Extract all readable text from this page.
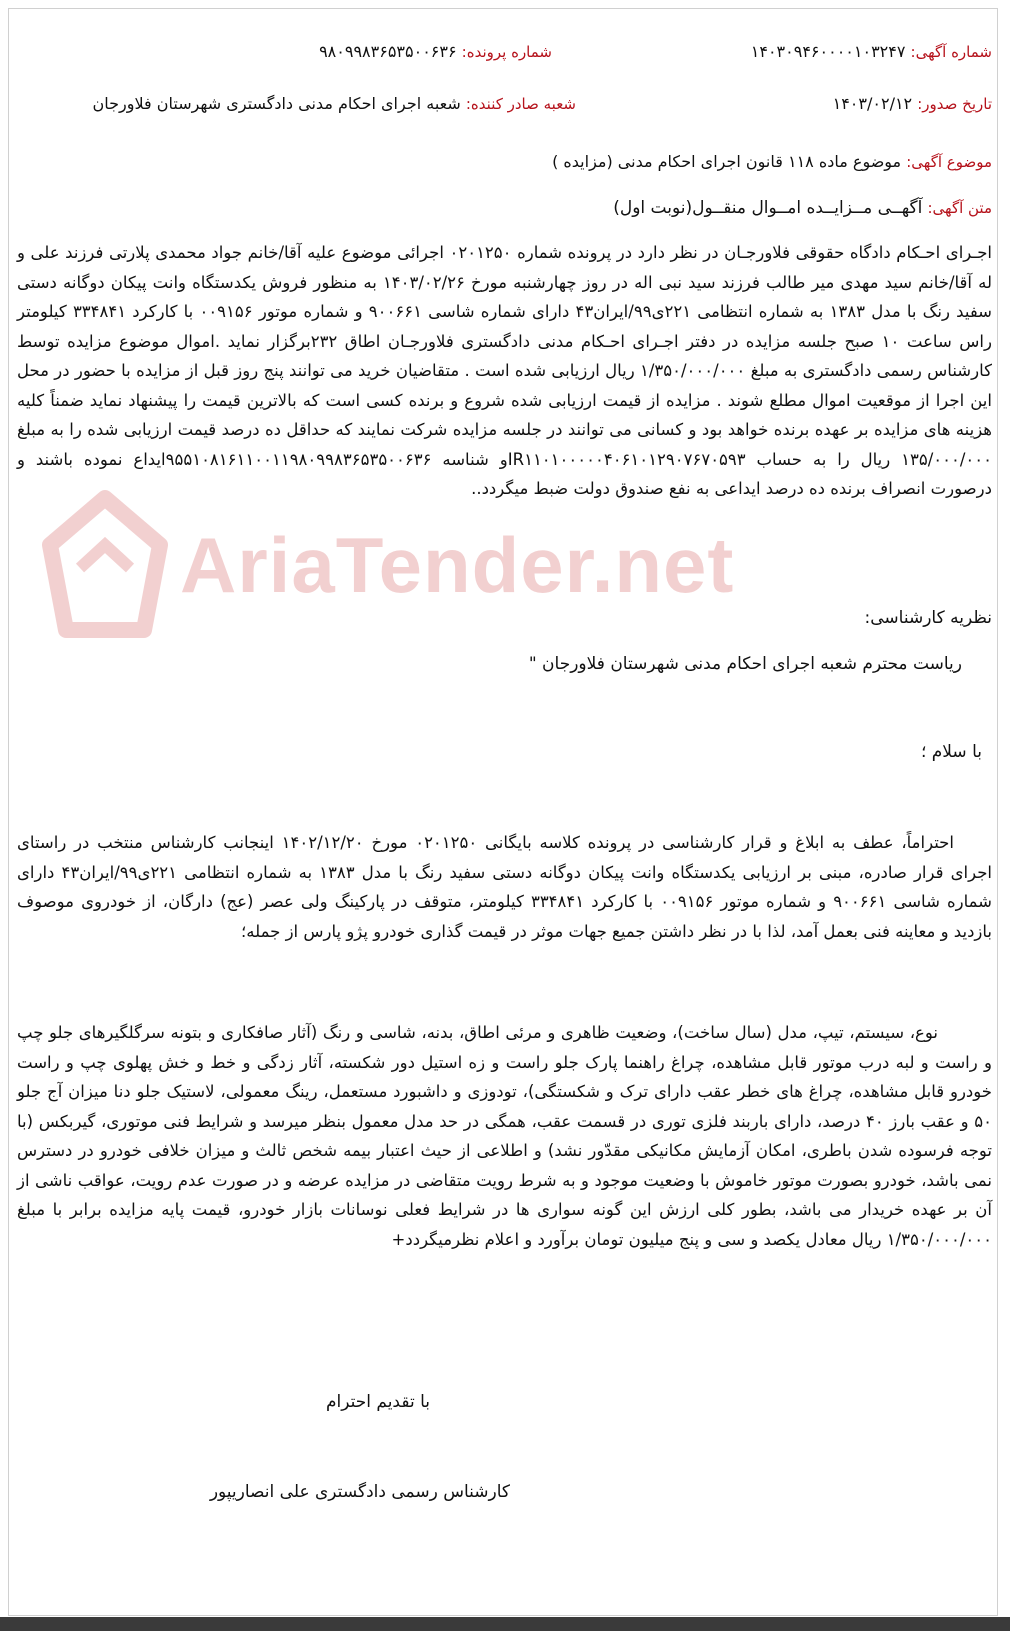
AriaTender.net
شماره آگهی: ۱۴۰۳۰۹۴۶۰۰۰۰۱۰۳۲۴۷
شماره پرونده: ۹۸۰۹۹۸۳۶۵۳۵۰۰۶۳۶
تاریخ صدور: ۱۴۰۳/۰۲/۱۲
شعبه صادر کننده: شعبه اجرای احکام مدنی دادگستری شهرستان فلاورجان
موضوع آگهی: موضوع ماده ۱۱۸ قانون اجرای احکام مدنی (مزایده )
متن آگهی: آگهــی مــزایــده امــوال منقــول(نوبت اول)

اجـرای احـکام دادگاه حقوقی فلاورجـان در نظر دارد در پرونده شماره ۰۲۰۱۲۵۰ اجرائی موضوع علیه آقا/خانم جواد محمدی پلارتی فرزند علی و له آقا/خانم سید مهدی میر طالب فرزند سید نبی اله در روز چهارشنبه مورخ ۱۴۰۳/۰۲/۲۶ به منظور فروش یکدستگاه وانت پیکان دوگانه دستی سفید رنگ با مدل ۱۳۸۳ به شماره انتظامی ۲۲۱ی۹۹/ایران۴۳ دارای شماره شاسی ۹۰۰۶۶۱ و شماره موتور ۰۰۹۱۵۶ با کارکرد ۳۳۴۸۴۱ کیلومتر راس ساعت ۱۰ صبح جلسه مزایده در دفتر اجـرای احـکام مدنی دادگستری فلاورجـان اطاق ۲۳۲برگزار نماید .اموال موضوع مزایده توسط کارشناس رسمی دادگستری به مبلغ ۱/۳۵۰/۰۰۰/۰۰۰ ریال ارزیابی شده است . متقاضیان خرید می توانند پنج روز قبل از مزایده با حضور در محل این اجرا از موقعیت اموال مطلع شوند . مزایده از قیمت ارزیابی شده شروع و برنده کسی است که بالاترین قیمت را پیشنهاد نماید ضمناً کلیه هزینه های مزایده بر عهده برنده خواهد بود و کسانی می توانند در جلسه مزایده شرکت نمایند که حداقل ده درصد قیمت ارزیابی شده را به مبلغ ۱۳۵/۰۰۰/۰۰۰ ریال را به حساب IR۱۱۰۱۰۰۰۰۰۴۰۶۱۰۱۲۹۰۷۶۷۰۵۹۳و شناسه ۹۵۵۱۰۸۱۶۱۱۰۰۱۱۹۸۰۹۹۸۳۶۵۳۵۰۰۶۳۶ایداع نموده باشند و درصورت انصراف برنده ده درصد ایداعی به نفع صندوق دولت ضبط میگردد..

نظریه کارشناسی:
ریاست محترم شعبه اجرای احکام مدنی شهرستان فلاورجان "
با سلام ؛

احتراماً، عطف به ابلاغ و قرار کارشناسی در پرونده کلاسه بایگانی ۰۲۰۱۲۵۰ مورخ ۱۴۰۲/۱۲/۲۰ اینجانب کارشناس منتخب در راستای اجرای قرار صادره، مبنی بر ارزیابی یکدستگاه وانت پیکان دوگانه دستی سفید رنگ با مدل ۱۳۸۳ به شماره انتظامی ۲۲۱ی۹۹/ایران۴۳ دارای شماره شاسی ۹۰۰۶۶۱ و شماره موتور ۰۰۹۱۵۶ با کارکرد ۳۳۴۸۴۱ کیلومتر، متوقف در پارکینگ ولی عصر (عج) دارگان، از خودروی موصوف بازدید و معاینه فنی بعمل آمد، لذا با در نظر داشتن جمیع جهات موثر در قیمت گذاری خودرو پژو پارس از جمله؛

نوع، سیستم، تیپ، مدل (سال ساخت)، وضعیت ظاهری و مرئی اطاق، بدنه، شاسی و رنگ (آثار صافکاری و بتونه سرگلگیرهای جلو چپ و راست و لبه درب موتور قابل مشاهده، چراغ راهنما پارک جلو راست و زه استیل دور شکسته، آثار زدگی و خط و خش پهلوی چپ و راست خودرو قابل مشاهده، چراغ های خطر عقب دارای ترک و شکستگی)، تودوزی و داشبورد مستعمل، رینگ معمولی، لاستیک جلو دنا میزان آج جلو ۵۰ و عقب بارز ۴۰ درصد، دارای باربند فلزی توری در قسمت عقب، همگی در حد مدل معمول بنظر میرسد و شرایط فنی موتوری، گیربکس (با توجه فرسوده شدن باطری، امکان آزمایش مکانیکی مقدّور نشد) و اطلاعی از حیث اعتبار بیمه شخص ثالث و میزان خلافی خودرو در دسترس نمی باشد، خودرو بصورت موتور خاموش با وضعیت موجود و به شرط رویت متقاضی در مزایده عرضه و در صورت عدم رویت، عواقب ناشی از آن بر عهده خریدار می باشد، بطور کلی ارزش این گونه سواری ها در شرایط فعلی نوسانات بازار خودرو، قیمت پایه مزایده برابر با مبلغ ۱/۳۵۰/۰۰۰/۰۰۰ ریال معادل یکصد و سی و پنج میلیون تومان برآورد و اعلام نظرمیگردد+

با تقدیم احترام
کارشناس رسمی دادگستری علی انصاریپور
